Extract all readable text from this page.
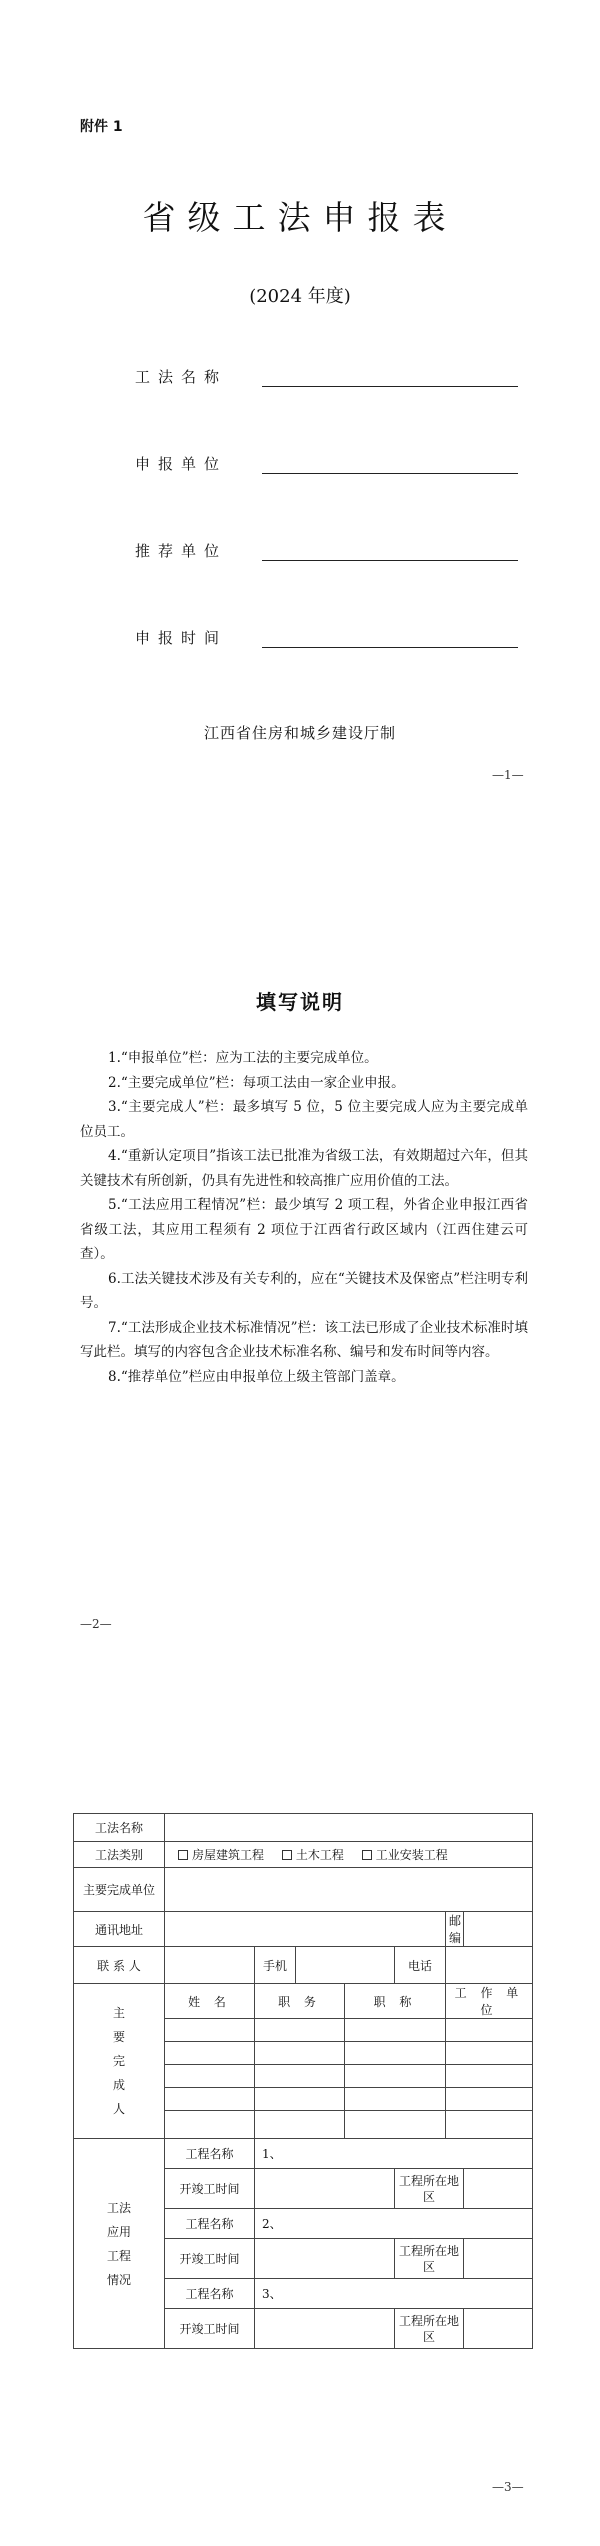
附件 1
省级工法申报表
(2024 年度)
工法名称
申报单位
推荐单位
申报时间
江西省住房和城乡建设厅制
—1—
填写说明

1.“申报单位”栏：应为工法的主要完成单位。

2.“主要完成单位”栏：每项工法由一家企业申报。

3.“主要完成人”栏：最多填写 5 位，5 位主要完成人应为主要完成单位员工。

4.“重新认定项目”指该工法已批准为省级工法，有效期超过六年，但其关键技术有所创新，仍具有先进性和较高推广应用价值的工法。

5.“工法应用工程情况”栏：最少填写 2 项工程，外省企业申报江西省省级工法，其应用工程须有 2 项位于江西省行政区域内（江西住建云可查）。

6.工法关键技术涉及有关专利的，应在“关键技术及保密点”栏注明专利号。

7.“工法形成企业技术标准情况”栏：该工法已形成了企业技术标准时填写此栏。填写的内容包含企业技术标准名称、编号和发布时间等内容。

8.“推荐单位”栏应由申报单位上级主管部门盖章。

—2—
工法名称							
工法类别	房屋建筑工程 土木工程 工业安装工程						
主要完成单位							
通讯地址						邮编	
联 系 人		手机			电话		
主要完成人	姓 名	职 务		职 称		工 作 单 位	

工法应用工程情况	工程名称	1、					
	开竣工时间				工程所在地区		
	工程名称	2、					
	开竣工时间				工程所在地区		
	工程名称	3、					
	开竣工时间				工程所在地区		
—3—
